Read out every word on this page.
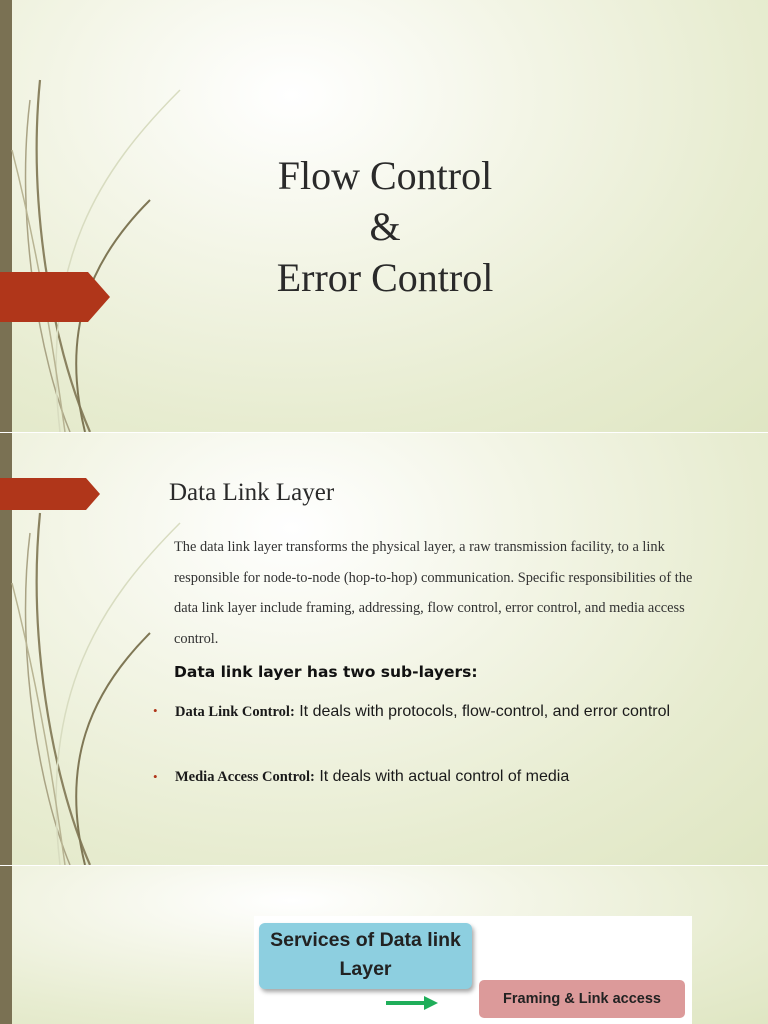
Flow Control
&
Error Control
Data Link Layer
The data link layer transforms the physical layer, a raw transmission facility, to a link responsible for node-to-node (hop-to-hop) communication. Specific responsibilities of the data link layer include framing, addressing, flow control, error control, and media access control.
Data link layer has two sub-layers:
• Data Link Control: It deals with protocols, flow-control, and error control
• Media Access Control: It deals with actual control of media
Services of Data link Layer
Framing & Link access
